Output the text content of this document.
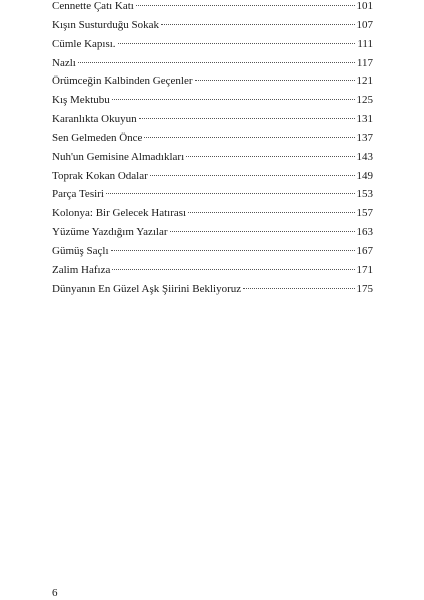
Cennette Çatı Katı	101
Kışın Susturduğu Sokak	107
Cümle Kapısı.	111
Nazlı	117
Örümceğin Kalbinden Geçenler	121
Kış Mektubu	125
Karanlıkta Okuyun	131
Sen Gelmeden Önce	137
Nuh'un Gemisine Almadıkları	143
Toprak Kokan Odalar	149
Parça Tesiri	153
Kolonya: Bir Gelecek Hatırası	157
Yüzüme Yazdığım Yazılar	163
Gümüş Saçlı	167
Zalim Hafıza	171
Dünyanın En Güzel Aşk Şiirini Bekliyoruz	175
6
